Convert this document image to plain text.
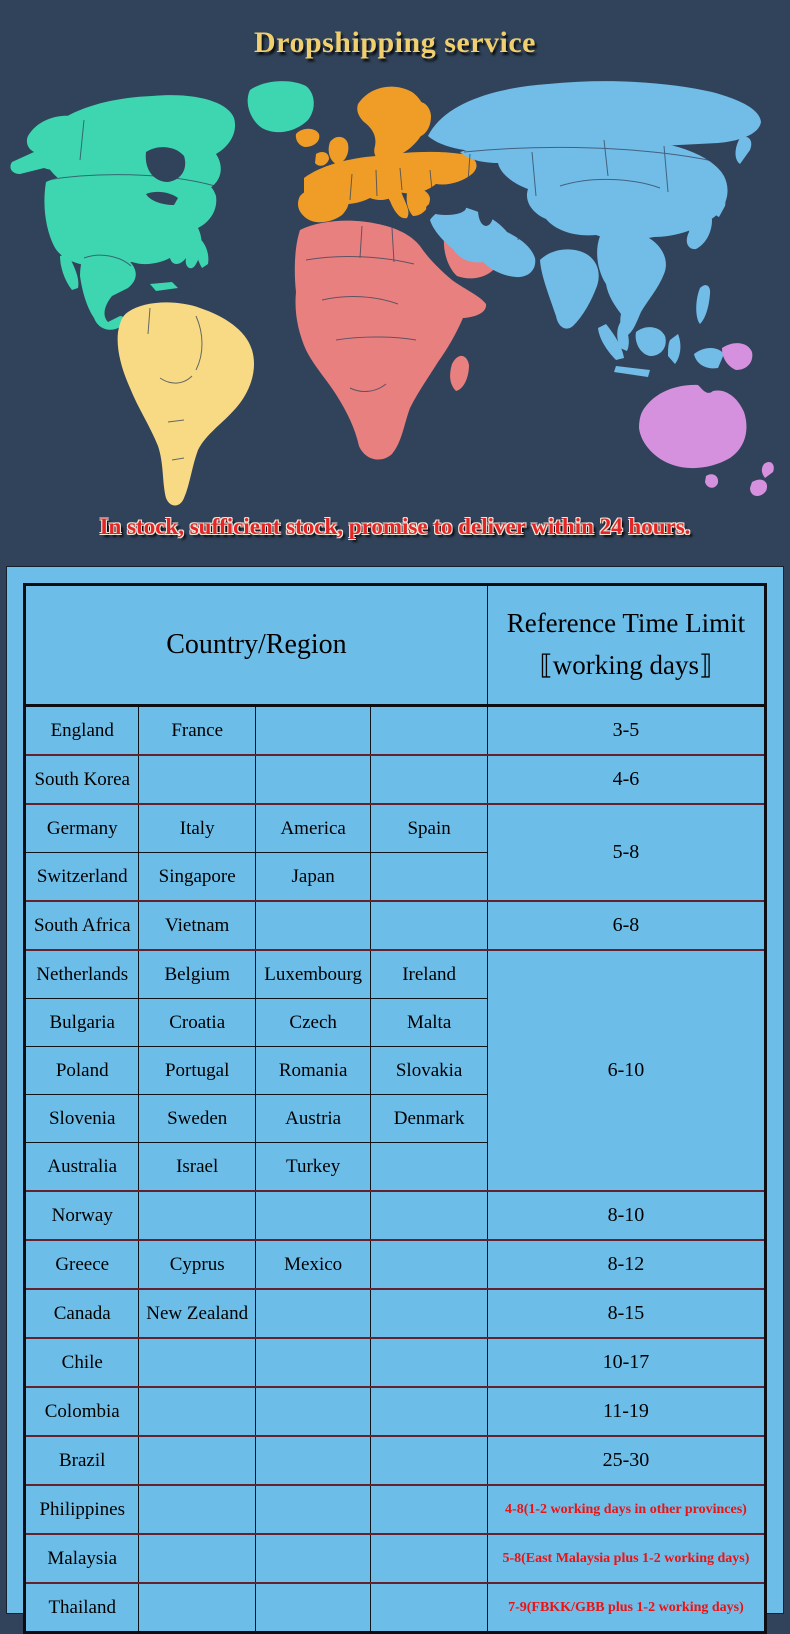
Dropshipping service
In stock, sufficient stock, promise to deliver within 24 hours.
Country/Region				Reference Time Limit
⟦working days⟧

England	France			3-5
South Korea				4-6
Germany	Italy	America	Spain	5-8
Switzerland	Singapore	Japan		
South Africa	Vietnam			6-8
Netherlands	Belgium	Luxembourg	Ireland	6-10
Bulgaria	Croatia	Czech	Malta	
Poland	Portugal	Romania	Slovakia	
Slovenia	Sweden	Austria	Denmark	
Australia	Israel	Turkey		
Norway				8-10
Greece	Cyprus	Mexico		8-12
Canada	New Zealand			8-15
Chile				10-17
Colombia				11-19
Brazil				25-30
Philippines				4-8(1-2 working days in other provinces)
Malaysia				5-8(East Malaysia plus 1-2 working days)
Thailand				7-9(FBKK/GBB plus 1-2 working days)
